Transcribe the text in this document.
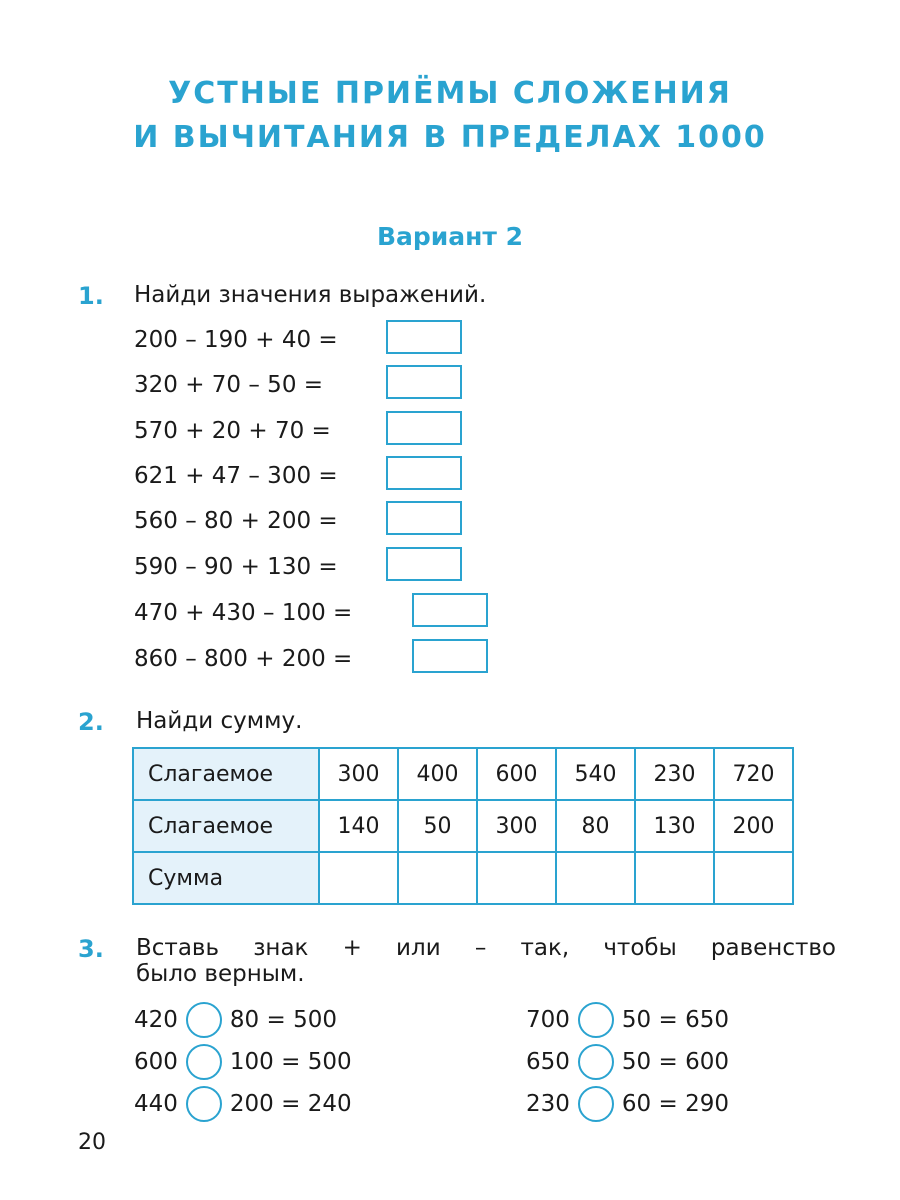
УСТНЫЕ ПРИЁМЫ СЛОЖЕНИЯ
И ВЫЧИТАНИЯ В ПРЕДЕЛАХ 1000
Вариант 2
1. Найди значения выражений.
200 – 190 + 40 =
320 + 70 – 50 =
570 + 20 + 70 =
621 + 47 – 300 =
560 – 80 + 200 =
590 – 90 + 130 =
470 + 430 – 100 =
860 – 800 + 200 =
2. Найди сумму.
Слагаемое	300	400	600	540	230	720
Слагаемое	140	50	300	80	130	200
Сумма						
3. Вставь знак + или – так, чтобы равенство
было верным.
420 80 = 500
600 100 = 500
440 200 = 240
700 50 = 650
650 50 = 600
230 60 = 290
20
